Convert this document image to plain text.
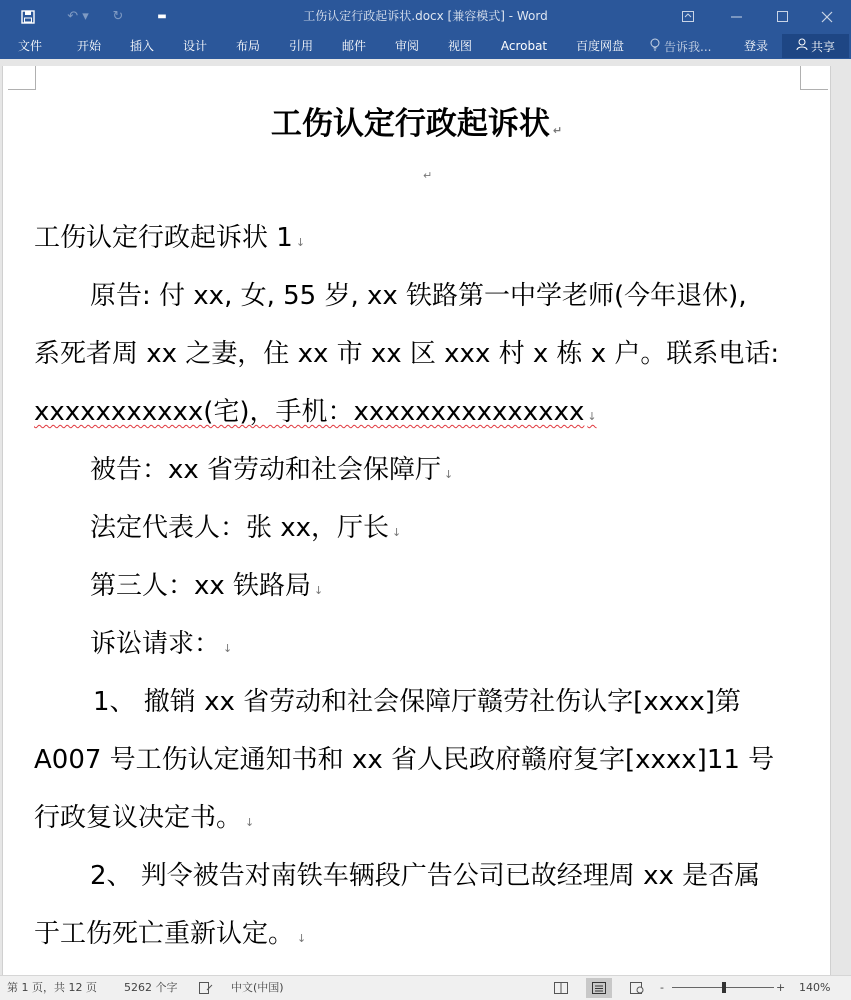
↶ ▾	↻	▬	工伤认定行政起诉状.docx [兼容模式] - Word
文件	开始	插入	设计	布局	引用	邮件	审阅	视图	Acrobat	百度网盘	告诉我...	登录	共享
工伤认定行政起诉状 ↵
↵
工伤认定行政起诉状 1 ↓
原告: 付 xx, 女, 55 岁, xx 铁路第一中学老师(今年退休),
系死者周 xx 之妻，住 xx 市 xx 区 xxx 村 x 栋 x 户。联系电话:
xxxxxxxxxxx(宅)，手机：xxxxxxxxxxxxxxx ↓
被告：xx 省劳动和社会保障厅 ↓
法定代表人：张 xx，厅长 ↓
第三人：xx 铁路局 ↓
诉讼请求： ↓
1、 撤销 xx 省劳动和社会保障厅赣劳社伤认字[xxxx]第
A007 号工伤认定通知书和 xx 省人民政府赣府复字[xxxx]11 号
行政复议决定书。 ↓
2、 判令被告对南铁车辆段广告公司已故经理周 xx 是否属
于工伤死亡重新认定。 ↓
第 1 页，共 12 页 5262 个字	中文(中国)	-	+ 140%
